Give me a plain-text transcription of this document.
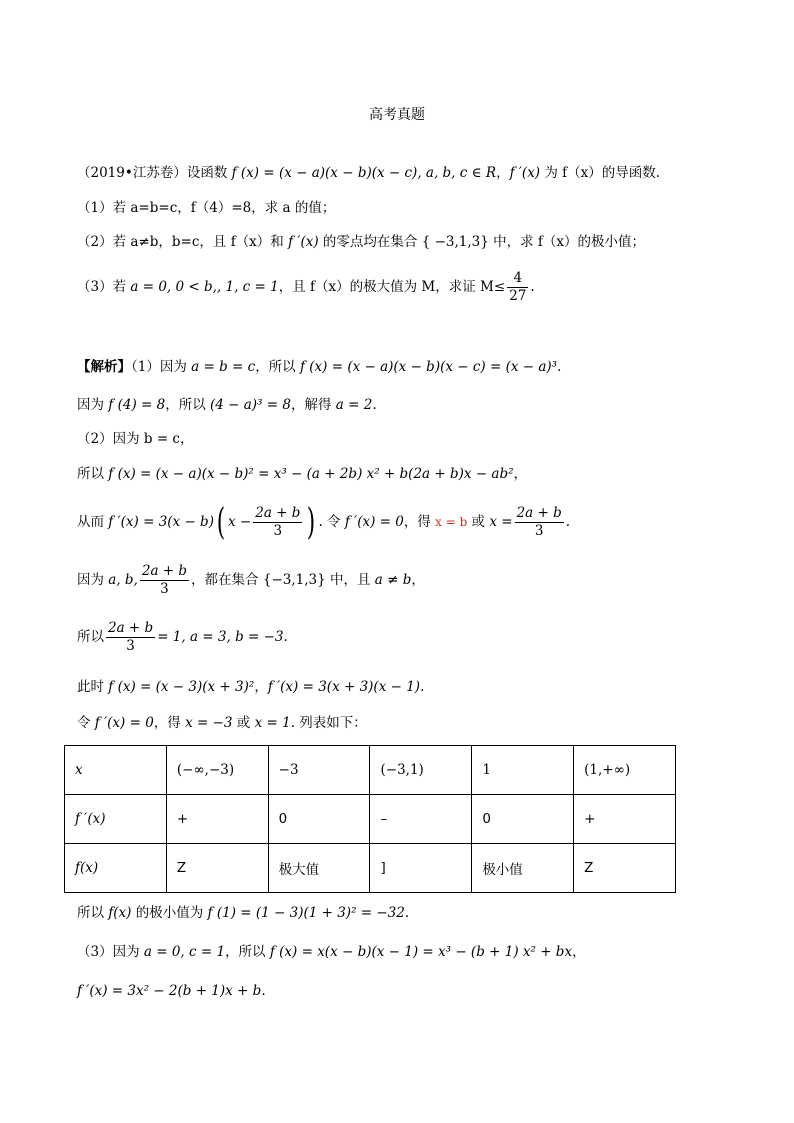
高考真题
（2019•江苏卷）设函数 f (x) = (x − a)(x − b)(x − c), a, b, c ∈ R，f ′(x) 为 f（x）的导函数.
（1）若 a=b=c，f（4）=8，求 a 的值；
（2）若 a≠b，b=c，且 f（x）和 f ′(x) 的零点均在集合 { −3,1,3} 中，求 f（x）的极小值；
（3）若 a = 0, 0 < b,, 1, c = 1，且 f（x）的极大值为 M，求证 $M\le \frac{4}{27}$ .
【解析】（1）因为 a = b = c，所以 f (x) = (x − a)(x − b)(x − c) = (x − a)³.
因为 f (4) = 8，所以 (4 − a)³ = 8，解得 a = 2.
（2）因为 b = c，
所以 f (x) = (x − a)(x − b)² = x³ − (a + 2b) x² + b(2a + b)x − ab²，
从而 f ′(x) = 3(x − b)( $x - \frac{2a + b}{3}$ ) . 令 f ′(x) = 0，得 x = b 或 $x = \frac{2a + b}{3}$ .
因为 a, b, $\frac{2a + b}{3}$ ，都在集合 {−3,1,3} 中，且 a ≠ b，
所以 $\frac{2a + b}{3} = 1$, a = 3, b = −3.
此时 f (x) = (x − 3)(x + 3)²，f ′(x) = 3(x + 3)(x − 1).
令 f ′(x) = 0，得 x = −3 或 x = 1. 列表如下：
x	(−∞,−3)	−3	(−3,1)	1	(1,+∞)
f ′(x)	+	0	–	0	+
f(x)	Z	极大值	]	极小值	Z
所以 f(x) 的极小值为 f (1) = (1 − 3)(1 + 3)² = −32.
（3）因为 a = 0, c = 1，所以 f (x) = x(x − b)(x − 1) = x³ − (b + 1) x² + bx，
f ′(x) = 3x² − 2(b + 1)x + b.
